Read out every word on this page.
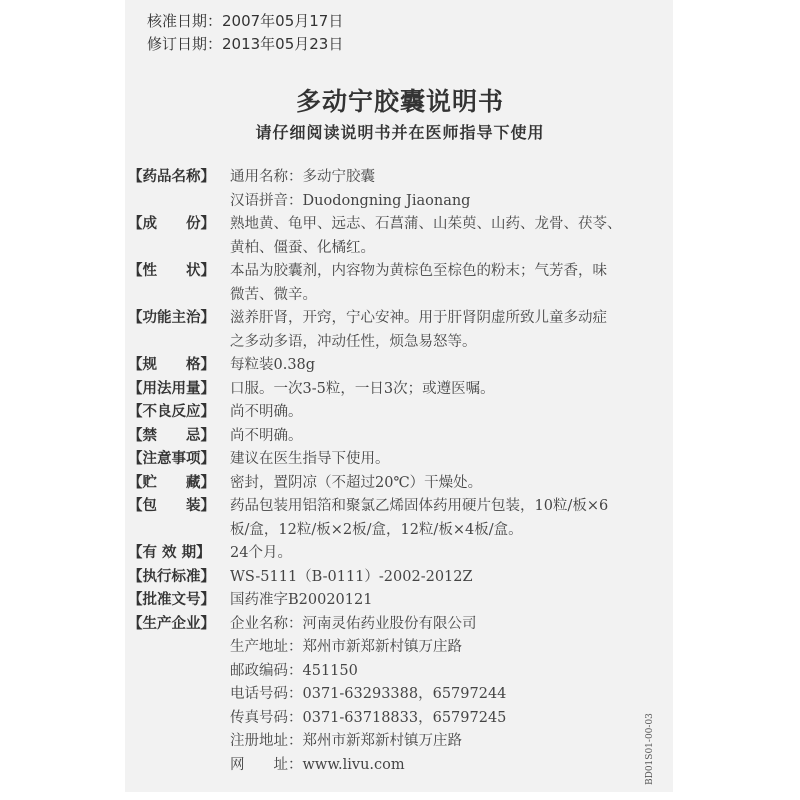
核准日期：2007年05月17日
修订日期：2013年05月23日
多动宁胶囊说明书
请仔细阅读说明书并在医师指导下使用
【药品名称】	通用名称：多动宁胶囊
汉语拼音：Duodongning Jiaonang
【成　　份】	熟地黄、龟甲、远志、石菖蒲、山茱萸、山药、龙骨、茯苓、
黄柏、僵蚕、化橘红。
【性　　状】	本品为胶囊剂，内容物为黄棕色至棕色的粉末；气芳香，味
微苦、微辛。
【功能主治】	滋养肝肾，开窍，宁心安神。用于肝肾阴虚所致儿童多动症
之多动多语，冲动任性，烦急易怒等。
【规　　格】	每粒装0.38g
【用法用量】	口服。一次3-5粒，一日3次；或遵医嘱。
【不良反应】	尚不明确。
【禁　　忌】	尚不明确。
【注意事项】	建议在医生指导下使用。
【贮　　藏】	密封，置阴凉（不超过20℃）干燥处。
【包　　装】	药品包装用铝箔和聚氯乙烯固体药用硬片包装，10粒/板×6
板/盒，12粒/板×2板/盒，12粒/板×4板/盒。
【有 效 期】	24个月。
【执行标准】	WS-5111（B-0111）-2002-2012Z
【批准文号】	国药准字B20020121
【生产企业】	企业名称：河南灵佑药业股份有限公司
生产地址：郑州市新郑新村镇万庄路
邮政编码：451150
电话号码：0371-63293388，65797244
传真号码：0371-63718833，65797245
注册地址：郑州市新郑新村镇万庄路
网　　址：www.livu.com	BD01S01-00-03
